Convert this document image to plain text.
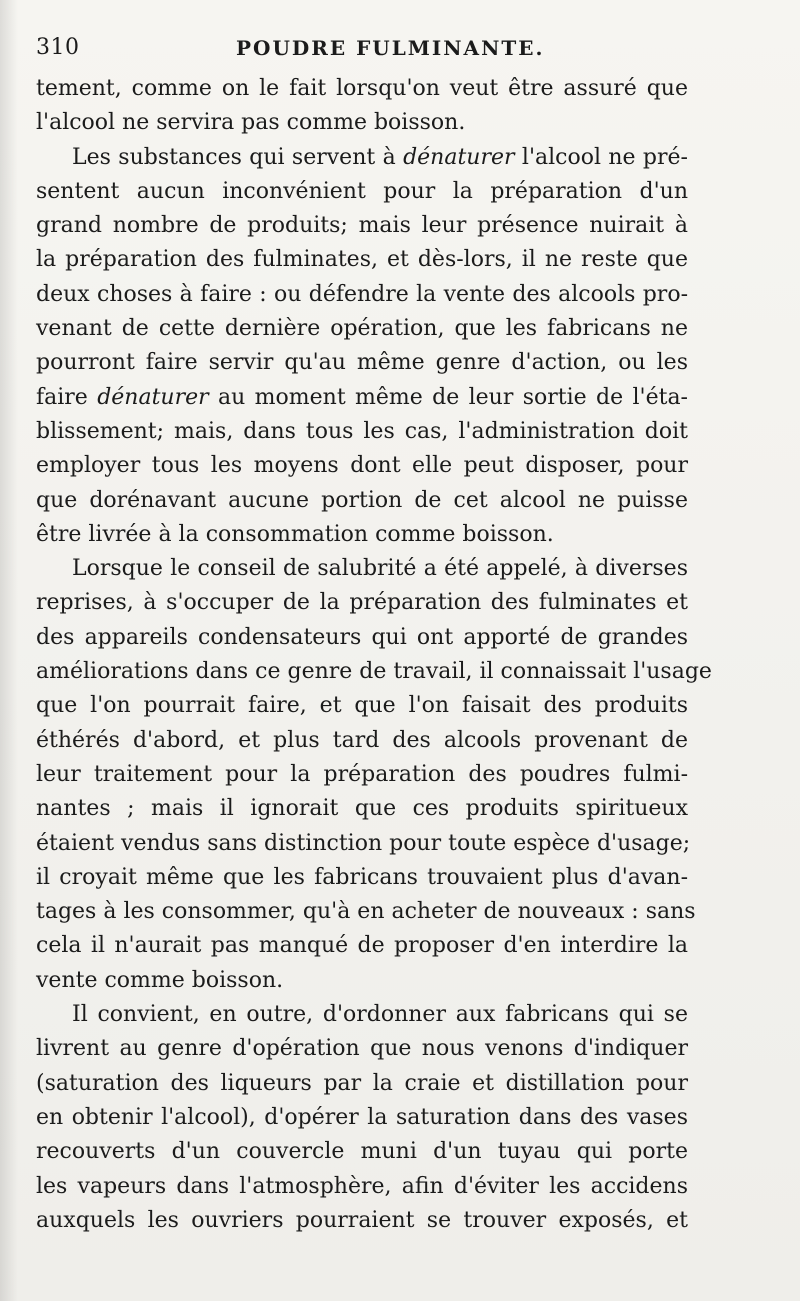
310	POUDRE FULMINANTE.

tement, comme on le fait lorsqu'on veut être assuré que
l'alcool ne servira pas comme boisson.

Les substances qui servent à dénaturer l'alcool ne pré-
sentent aucun inconvénient pour la préparation d'un
grand nombre de produits; mais leur présence nuirait à
la préparation des fulminates, et dès-lors, il ne reste que
deux choses à faire : ou défendre la vente des alcools pro-
venant de cette dernière opération, que les fabricans ne
pourront faire servir qu'au même genre d'action, ou les
faire dénaturer au moment même de leur sortie de l'éta-
blissement; mais, dans tous les cas, l'administration doit
employer tous les moyens dont elle peut disposer, pour
que dorénavant aucune portion de cet alcool ne puisse
être livrée à la consommation comme boisson.

Lorsque le conseil de salubrité a été appelé, à diverses
reprises, à s'occuper de la préparation des fulminates et
des appareils condensateurs qui ont apporté de grandes
améliorations dans ce genre de travail, il connaissait l'usage
que l'on pourrait faire, et que l'on faisait des produits
éthérés d'abord, et plus tard des alcools provenant de
leur traitement pour la préparation des poudres fulmi-
nantes ; mais il ignorait que ces produits spiritueux
étaient vendus sans distinction pour toute espèce d'usage;
il croyait même que les fabricans trouvaient plus d'avan-
tages à les consommer, qu'à en acheter de nouveaux : sans
cela il n'aurait pas manqué de proposer d'en interdire la
vente comme boisson.

Il convient, en outre, d'ordonner aux fabricans qui se
livrent au genre d'opération que nous venons d'indiquer
(saturation des liqueurs par la craie et distillation pour
en obtenir l'alcool), d'opérer la saturation dans des vases
recouverts d'un couvercle muni d'un tuyau qui porte
les vapeurs dans l'atmosphère, afin d'éviter les accidens
auxquels les ouvriers pourraient se trouver exposés, et
